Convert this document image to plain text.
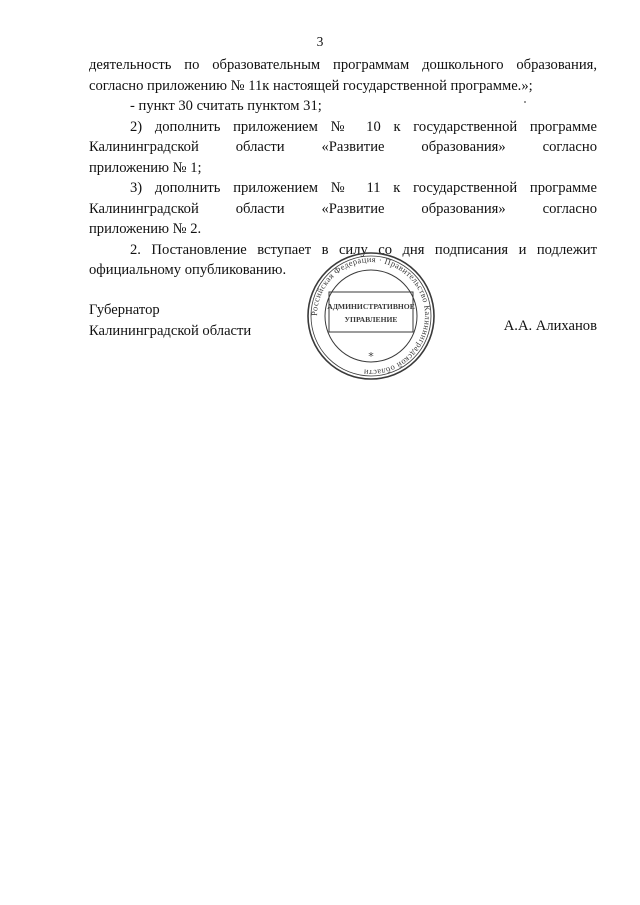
3
деятельность по образовательным программам дошкольного образования,
согласно приложению № 11к настоящей государственной программе.»;
- пункт 30 считать пунктом 31;
2) дополнить приложением № 10 к государственной программе
Калининградской области «Развитие образования» согласно
приложению № 1;
3) дополнить приложением № 11 к государственной программе
Калининградской области «Развитие образования» согласно
приложению № 2.
2. Постановление вступает в силу со дня подписания и подлежит
официальному опубликованию.
Губернатор
Калининградской области
Российская Федерация · Правительство Калининградской области
АДМИНИСТРАТИВНОЕ
УПРАВЛЕНИЕ
*
А.А. Алиханов
